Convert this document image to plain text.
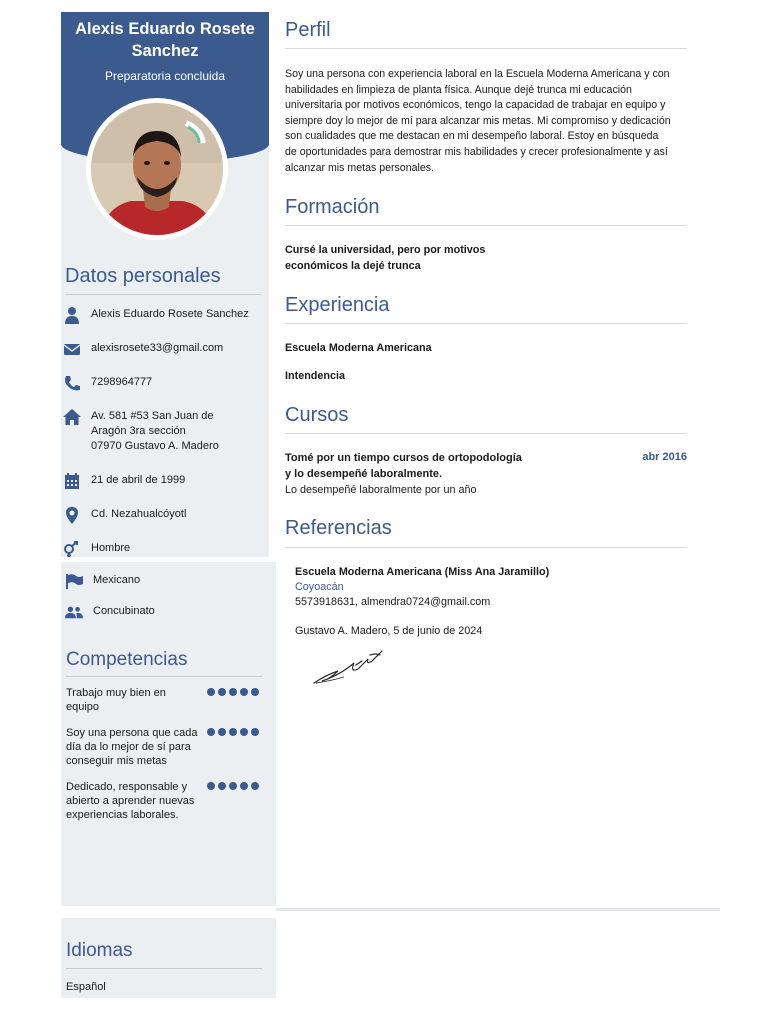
Alexis Eduardo Rosete Sanchez
Preparatoria concluida
Datos personales
Alexis Eduardo Rosete Sanchez
alexisrosete33@gmail.com
7298964777
Av. 581 #53 San Juan de
Aragón 3ra sección
07970 Gustavo A. Madero
21 de abril de 1999
Cd. Nezahualcóyotl
Hombre
Mexicano
Concubinato
Competencias
Trabajo muy bien en
equipo
Soy una persona que cada
día da lo mejor de sí para
conseguir mis metas
Dedicado, responsable y
abierto a aprender nuevas
experiencias laborales.
Idiomas
Español
Perfil
Soy una persona con experiencia laboral en la Escuela Moderna Americana y con
habilidades en limpieza de planta física. Aunque dejé trunca mi educación
universitaria por motivos económicos, tengo la capacidad de trabajar en equipo y
siempre doy lo mejor de mí para alcanzar mis metas. Mi compromiso y dedicación
son cualidades que me destacan en mi desempeño laboral. Estoy en búsqueda
de oportunidades para demostrar mis habilidades y crecer profesionalmente y así
alcanzar mis metas personales.
Formación
Cursé la universidad, pero por motivos
económicos la dejé trunca
Experiencia
Escuela Moderna Americana
Intendencia
Cursos
Tomé por un tiempo cursos de ortopodología
y lo desempeñé laboralmente.
abr 2016
Lo desempeñé laboralmente por un año
Referencias
Escuela Moderna Americana (Miss Ana Jaramillo)
Coyoacán
5573918631, almendra0724@gmail.com
Gustavo A. Madero, 5 de junio de 2024
